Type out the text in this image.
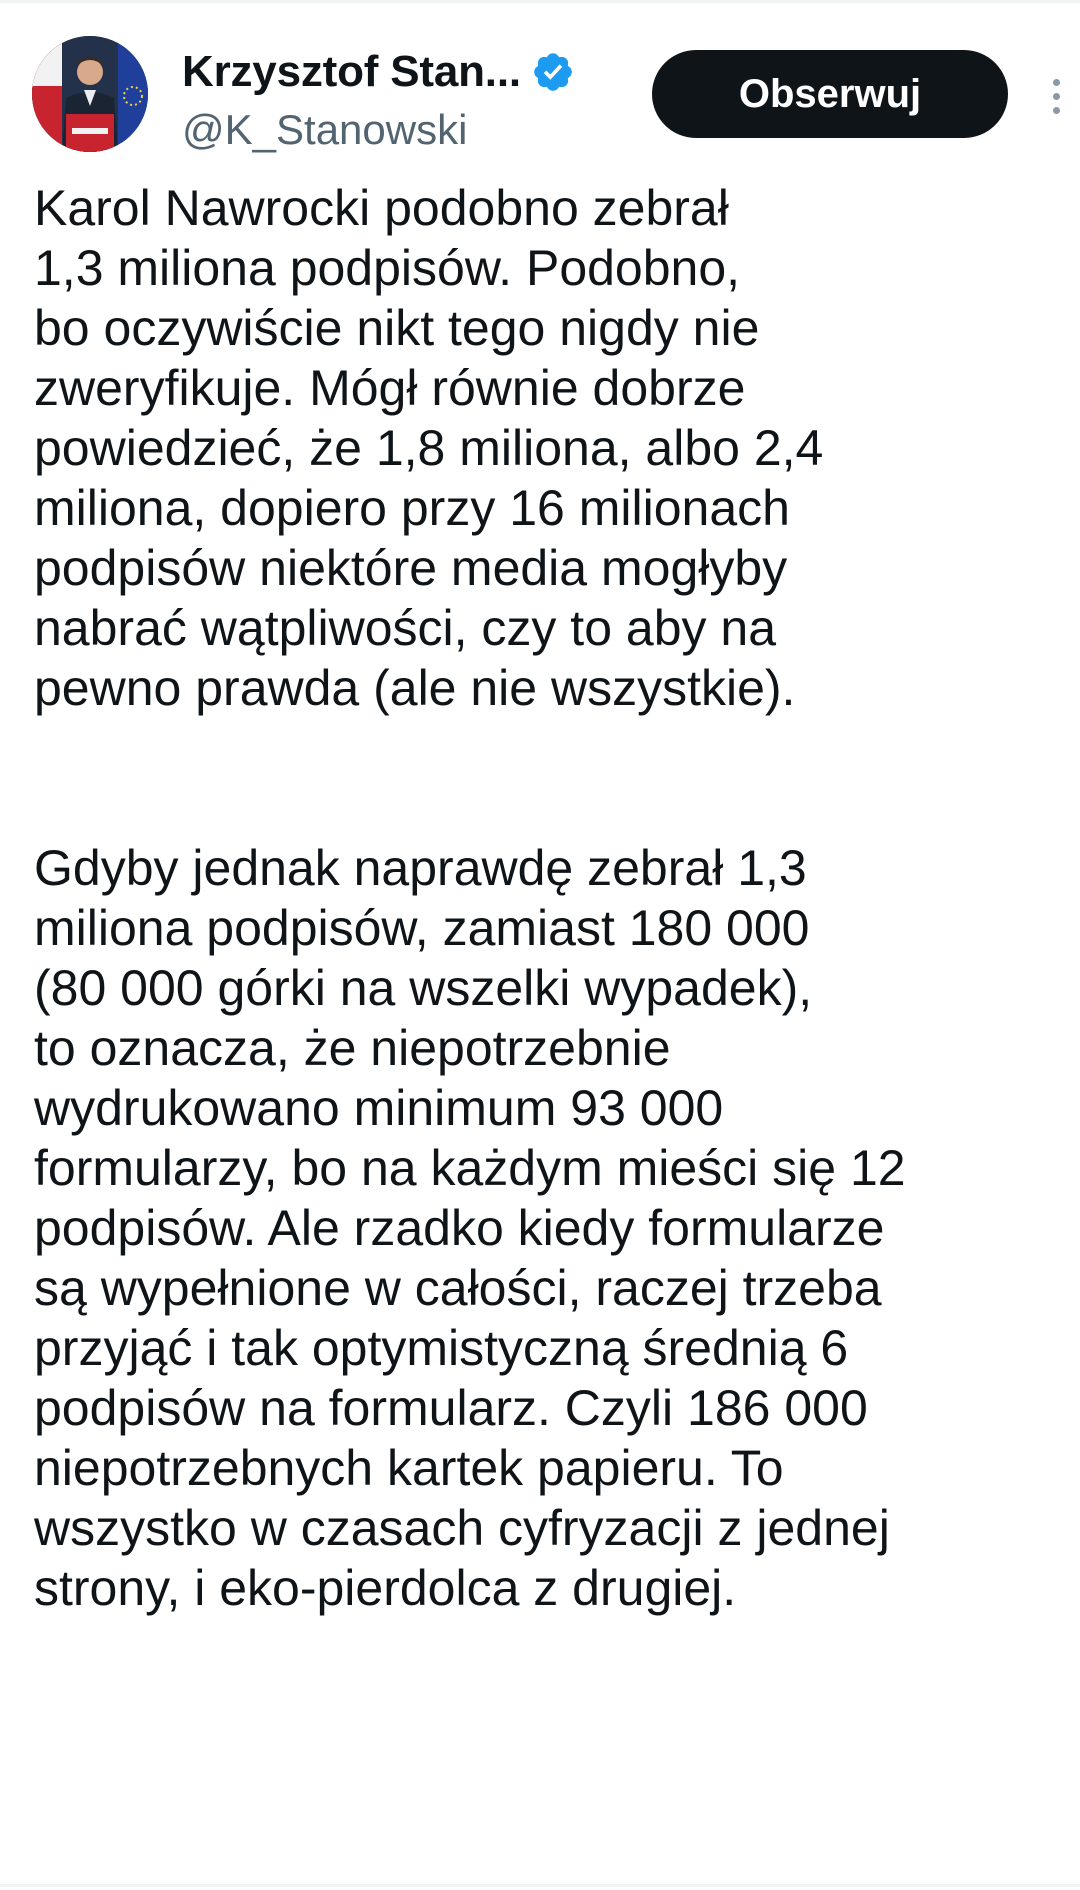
Krzysztof Stan...
@K_Stanowski
Obserwuj
Karol Nawrocki podobno zebrał
1,3 miliona podpisów. Podobno,
bo oczywiście nikt tego nigdy nie
zweryfikuje. Mógł równie dobrze
powiedzieć, że 1,8 miliona, albo 2,4
miliona, dopiero przy 16 milionach
podpisów niektóre media mogłyby
nabrać wątpliwości, czy to aby na
pewno prawda (ale nie wszystkie).
Gdyby jednak naprawdę zebrał 1,3
miliona podpisów, zamiast 180 000
(80 000 górki na wszelki wypadek),
to oznacza, że niepotrzebnie
wydrukowano minimum 93 000
formularzy, bo na każdym mieści się 12
podpisów. Ale rzadko kiedy formularze
są wypełnione w całości, raczej trzeba
przyjąć i tak optymistyczną średnią 6
podpisów na formularz. Czyli 186 000
niepotrzebnych kartek papieru. To
wszystko w czasach cyfryzacji z jednej
strony, i eko-pierdolca z drugiej.
